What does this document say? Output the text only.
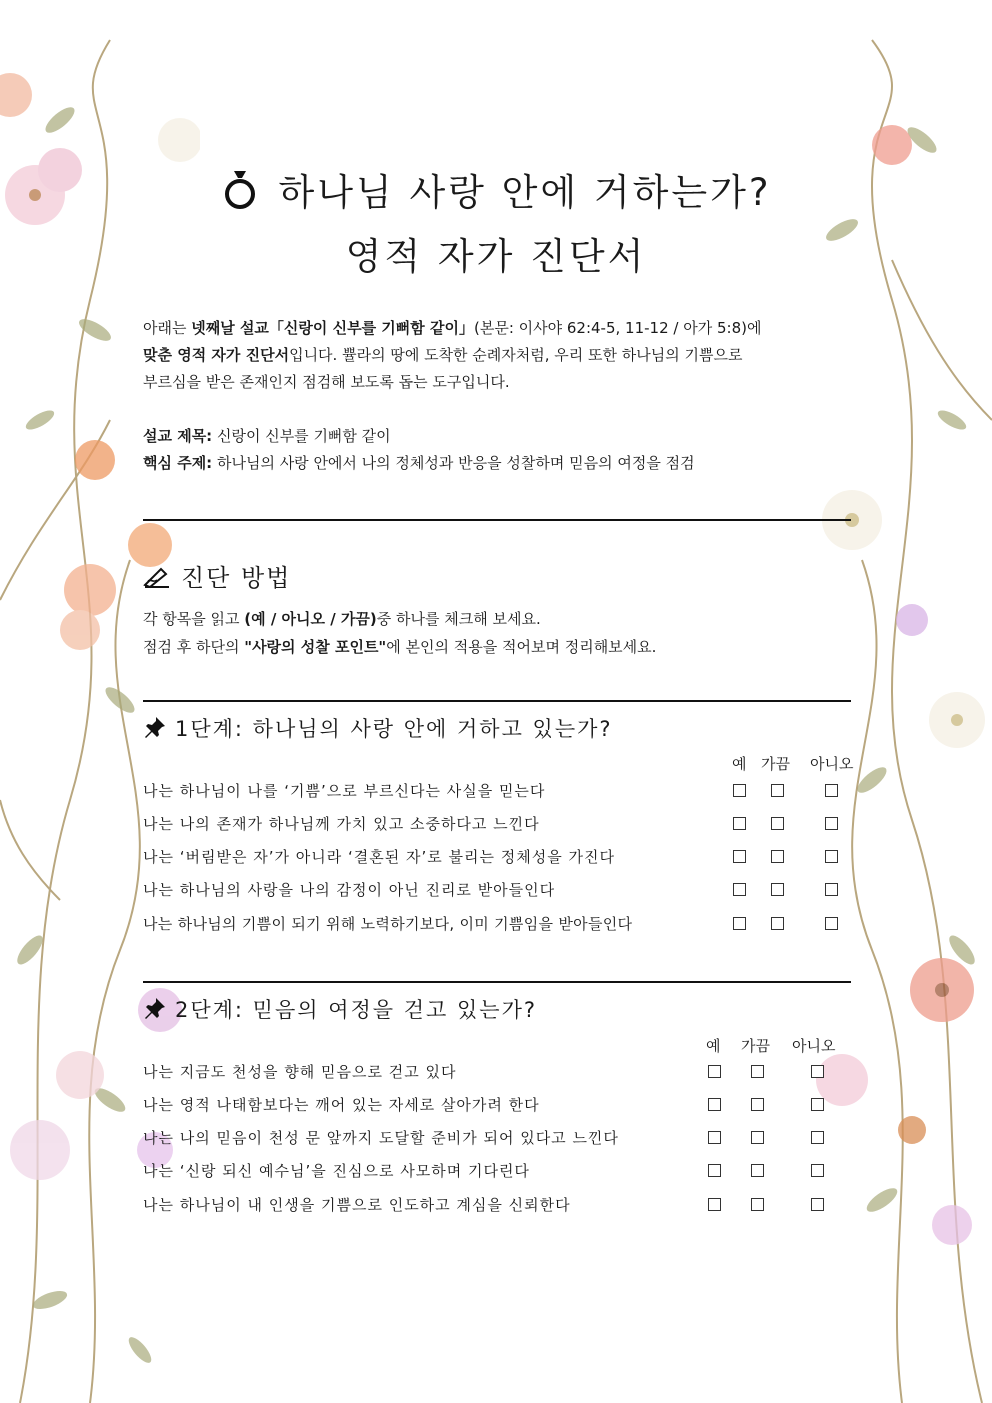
하나님 사랑 안에 거하는가?
영적 자가 진단서
아래는 넷째날 설교「신랑이 신부를 기뻐함 같이」(본문: 이사야 62:4-5, 11-12 / 아가 5:8)에
맞춘 영적 자가 진단서입니다. 쁄라의 땅에 도착한 순례자처럼, 우리 또한 하나님의 기쁨으로
부르심을 받은 존재인지 점검해 보도록 돕는 도구입니다.
설교 제목: 신랑이 신부를 기뻐함 같이
핵심 주제: 하나님의 사랑 안에서 나의 정체성과 반응을 성찰하며 믿음의 여정을 점검
진단 방법
각 항목을 읽고 (예 / 아니오 / 가끔)중 하나를 체크해 보세요.
점검 후 하단의 "사랑의 성찰 포인트"에 본인의 적용을 적어보며 정리해보세요.
1단계: 하나님의 사랑 안에 거하고 있는가?
예 가끔 아니오
나는 하나님이 나를 ‘기쁨’으로 부르신다는 사실을 믿는다
나는 나의 존재가 하나님께 가치 있고 소중하다고 느낀다
나는 ‘버림받은 자’가 아니라 ‘결혼된 자’로 불리는 정체성을 가진다
나는 하나님의 사랑을 나의 감정이 아닌 진리로 받아들인다
나는 하나님의 기쁨이 되기 위해 노력하기보다, 이미 기쁨임을 받아들인다
2단계: 믿음의 여정을 걷고 있는가?
예 가끔 아니오
나는 지금도 천성을 향해 믿음으로 걷고 있다
나는 영적 나태함보다는 깨어 있는 자세로 살아가려 한다
나는 나의 믿음이 천성 문 앞까지 도달할 준비가 되어 있다고 느낀다
나는 ‘신랑 되신 예수님’을 진심으로 사모하며 기다린다
나는 하나님이 내 인생을 기쁨으로 인도하고 계심을 신뢰한다
